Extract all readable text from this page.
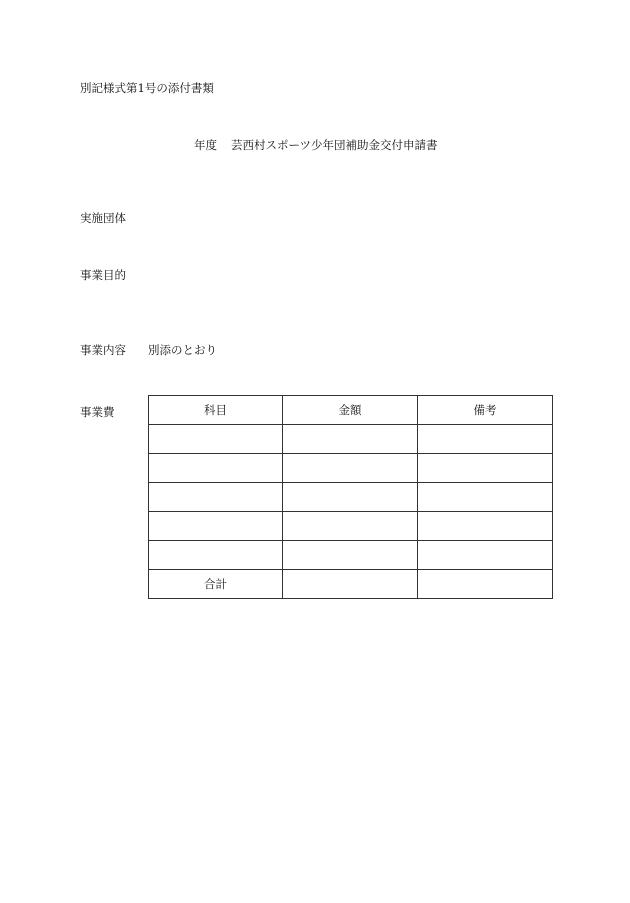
別記様式第1号の添付書類
年度 芸西村スポーツ少年団補助金交付申請書
実施団体
事業目的
事業内容 別添のとおり
事業費	科目	金額	備考

合計		
